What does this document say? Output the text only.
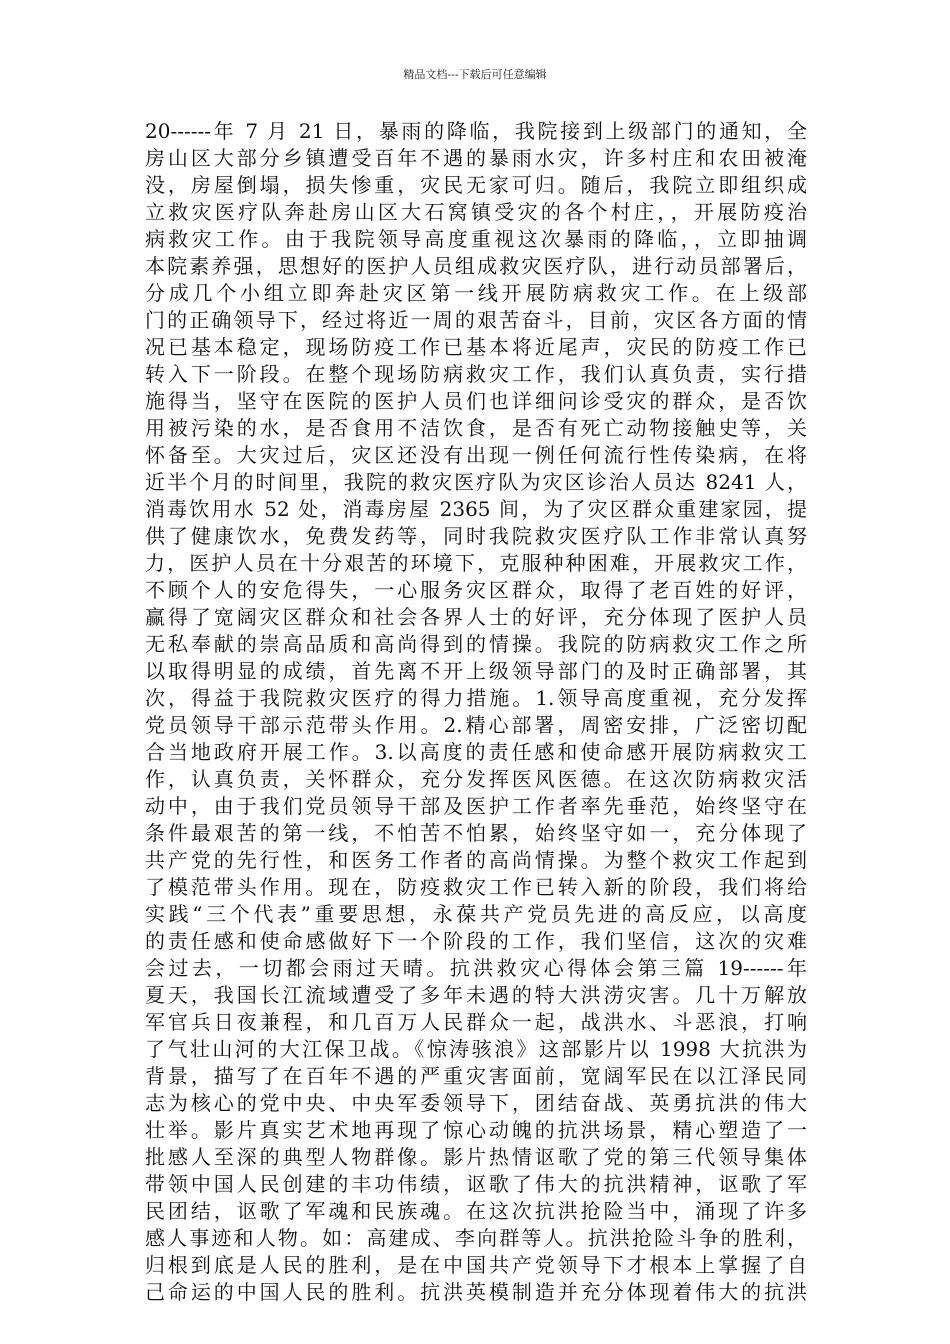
精品文档---下载后可任意编辑
20------年 7 月 21 日，暴雨的降临，我院接到上级部门的通知，全
房山区大部分乡镇遭受百年不遇的暴雨水灾，许多村庄和农田被淹
没，房屋倒塌，损失惨重，灾民无家可归。随后，我院立即组织成
立救灾医疗队奔赴房山区大石窝镇受灾的各个村庄，，开展防疫治
病救灾工作。由于我院领导高度重视这次暴雨的降临，，立即抽调
本院素养强，思想好的医护人员组成救灾医疗队，进行动员部署后，
分成几个小组立即奔赴灾区第一线开展防病救灾工作。在上级部
门的正确领导下，经过将近一周的艰苦奋斗，目前，灾区各方面的情
况已基本稳定，现场防疫工作已基本将近尾声，灾民的防疫工作已
转入下一阶段。在整个现场防病救灾工作，我们认真负责，实行措
施得当，坚守在医院的医护人员们也详细问诊受灾的群众，是否饮
用被污染的水，是否食用不洁饮食，是否有死亡动物接触史等，关
怀备至。大灾过后，灾区还没有出现一例任何流行性传染病，在将
近半个月的时间里，我院的救灾医疗队为灾区诊治人员达 8241 人，
消毒饮用水 52 处，消毒房屋 2365 间，为了灾区群众重建家园，提
供了健康饮水，免费发药等，同时我院救灾医疗队工作非常认真努
力，医护人员在十分艰苦的环境下，克服种种困难，开展救灾工作，
不顾个人的安危得失，一心服务灾区群众，取得了老百姓的好评，
赢得了宽阔灾区群众和社会各界人士的好评，充分体现了医护人员
无私奉献的崇高品质和高尚得到的情操。我院的防病救灾工作之所
以取得明显的成绩，首先离不开上级领导部门的及时正确部署，其
次，得益于我院救灾医疗的得力措施。1.领导高度重视，充分发挥
党员领导干部示范带头作用。2.精心部署，周密安排，广泛密切配
合当地政府开展工作。3.以高度的责任感和使命感开展防病救灾工
作，认真负责，关怀群众，充分发挥医风医德。在这次防病救灾活
动中，由于我们党员领导干部及医护工作者率先垂范，始终坚守在
条件最艰苦的第一线，不怕苦不怕累，始终坚守如一，充分体现了
共产党的先行性，和医务工作者的高尚情操。为整个救灾工作起到
了模范带头作用。现在，防疫救灾工作已转入新的阶段，我们将给
实践“三个代表”重要思想，永葆共产党员先进的高反应，以高度
的责任感和使命感做好下一个阶段的工作，我们坚信，这次的灾难
会过去，一切都会雨过天晴。抗洪救灾心得体会第三篇 19------年
夏天，我国长江流域遭受了多年未遇的特大洪涝灾害。几十万解放
军官兵日夜兼程，和几百万人民群众一起，战洪水、斗恶浪，打响
了气壮山河的大江保卫战。《惊涛骇浪》这部影片以 1998 大抗洪为
背景，描写了在百年不遇的严重灾害面前，宽阔军民在以江泽民同
志为核心的党中央、中央军委领导下，团结奋战、英勇抗洪的伟大
壮举。影片真实艺术地再现了惊心动魄的抗洪场景，精心塑造了一
批感人至深的典型人物群像。影片热情讴歌了党的第三代领导集体
带领中国人民创建的丰功伟绩，讴歌了伟大的抗洪精神，讴歌了军
民团结，讴歌了军魂和民族魂。在这次抗洪抢险当中，涌现了许多
感人事迹和人物。如：高建成、李向群等人。抗洪抢险斗争的胜利，
归根到底是人民的胜利，是在中国共产党领导下才根本上掌握了自
己命运的中国人民的胜利。抗洪英模制造并充分体现着伟大的抗洪
